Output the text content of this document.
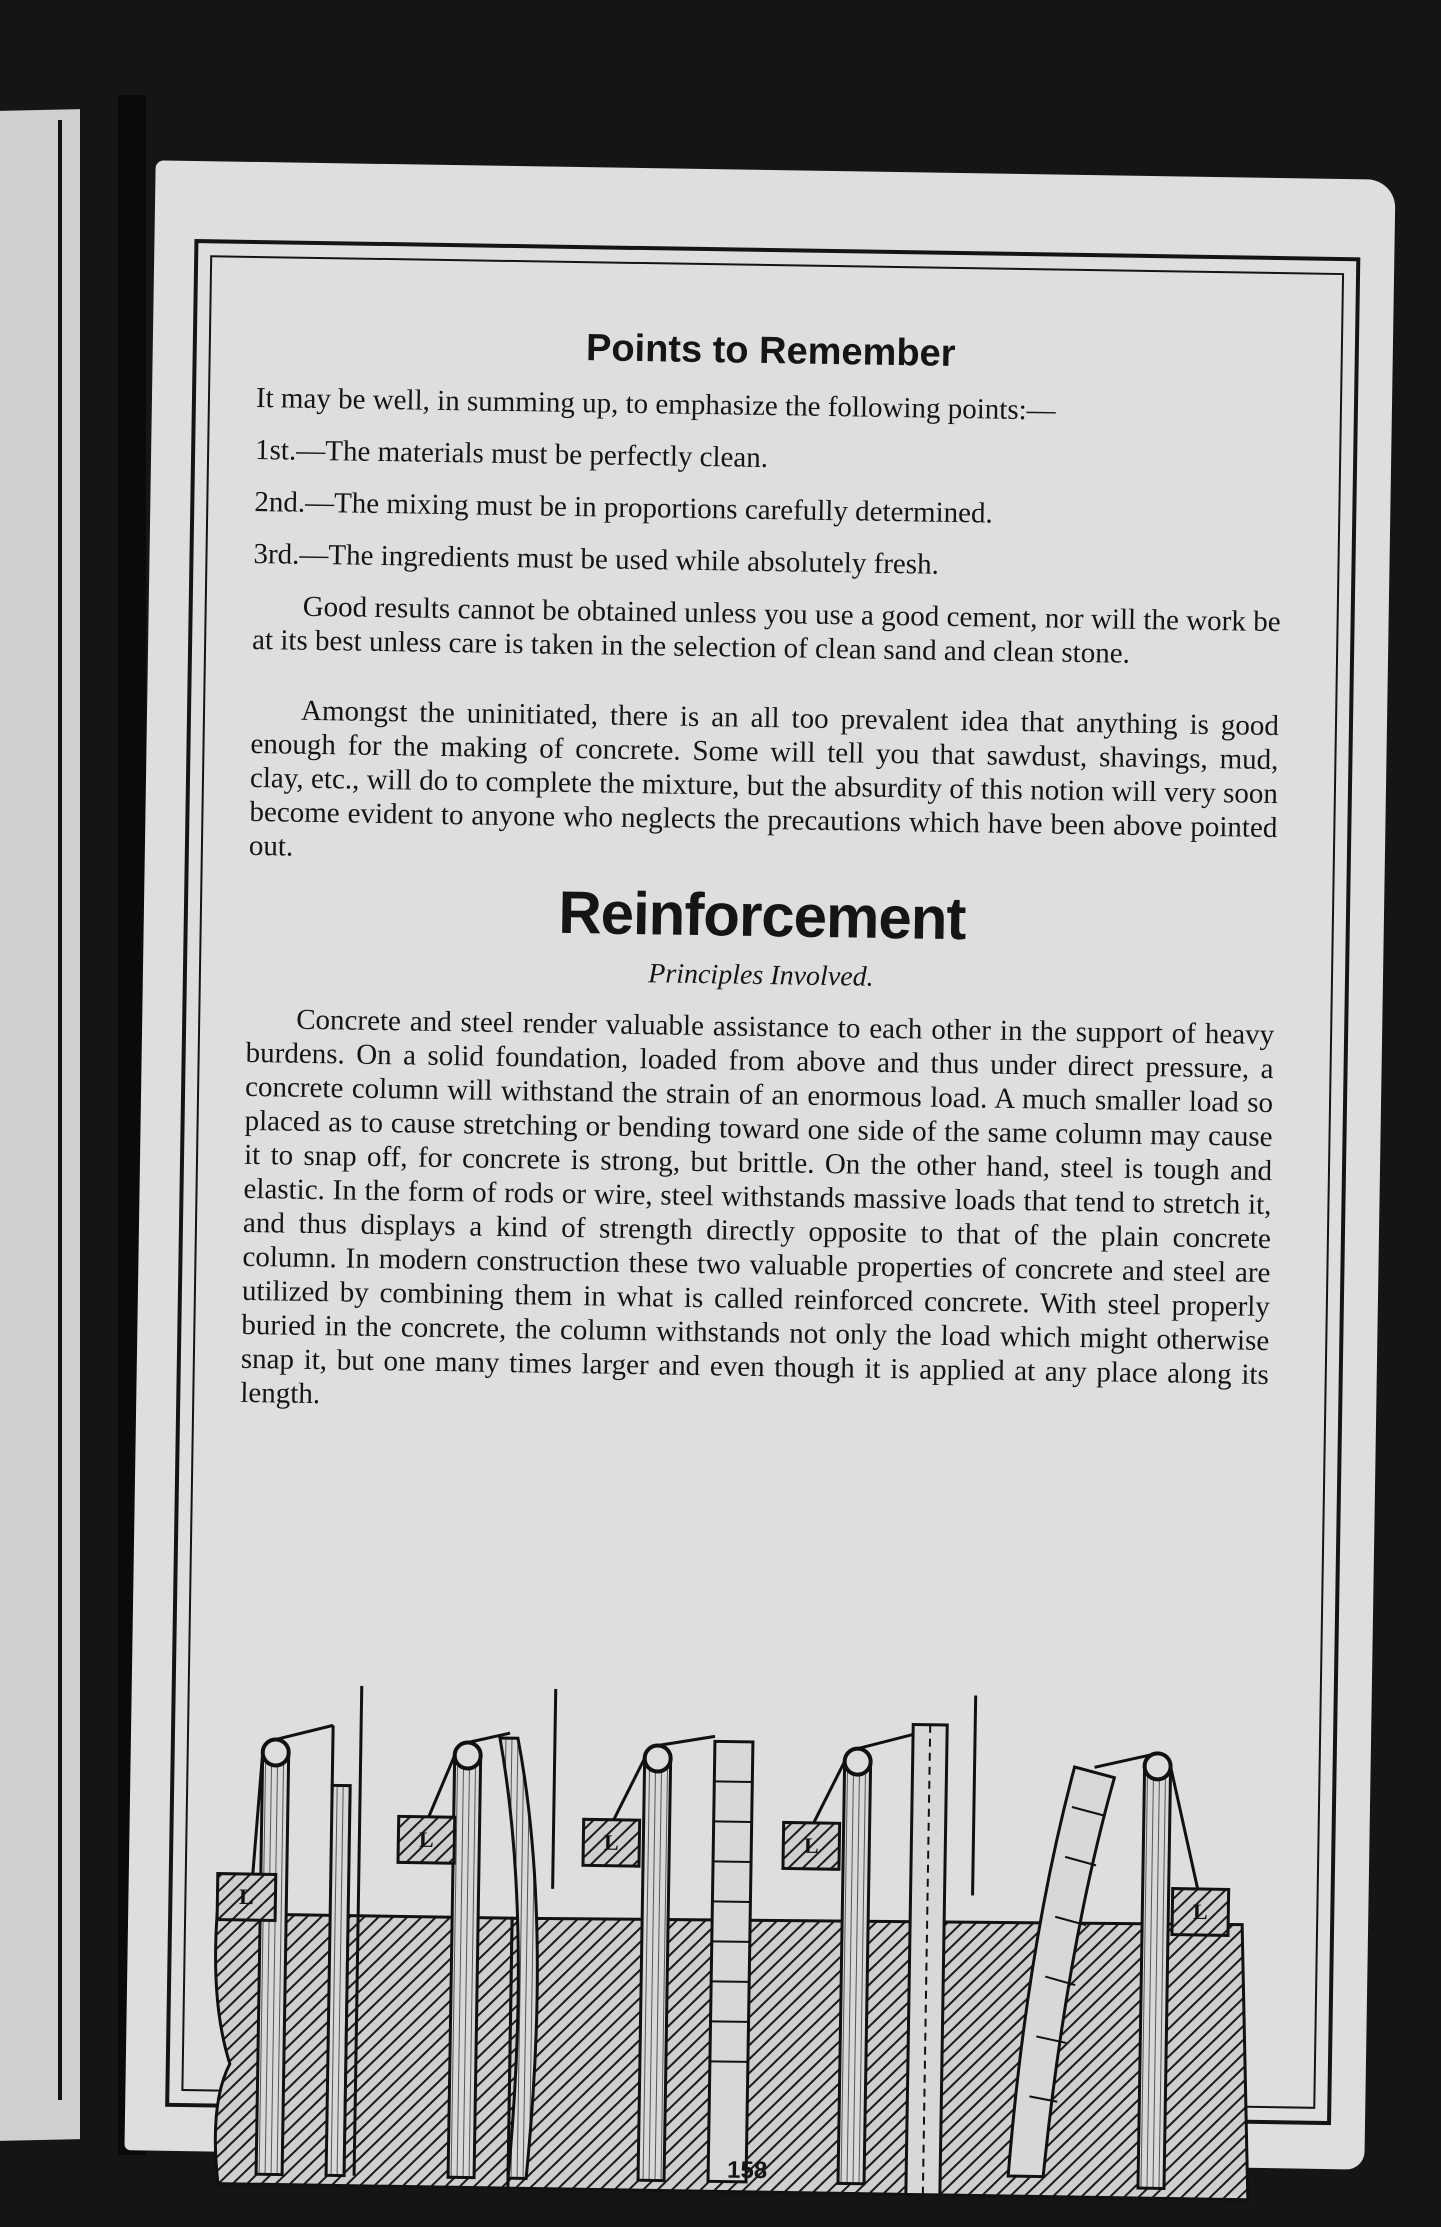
Points to Remember

It may be well, in summing up, to emphasize the following points:—

1st.—The materials must be perfectly clean.

2nd.—The mixing must be in proportions carefully determined.

3rd.—The ingredients must be used while absolutely fresh.

Good results cannot be obtained unless you use a good cement, nor will the work be at its best unless care is taken in the selection of clean sand and clean stone.

Amongst the uninitiated, there is an all too prevalent idea that anything is good enough for the making of concrete. Some will tell you that sawdust, shavings, mud, clay, etc., will do to complete the mixture, but the absurdity of this notion will very soon become evident to anyone who neglects the precautions which have been above pointed out.

Reinforcement

Principles Involved.

Concrete and steel render valuable assistance to each other in the support of heavy burdens. On a solid foundation, loaded from above and thus under direct pressure, a concrete column will withstand the strain of an enormous load. A much smaller load so placed as to cause stretching or bending toward one side of the same column may cause it to snap off, for concrete is strong, but brittle. On the other hand, steel is tough and elastic. In the form of rods or wire, steel withstands massive loads that tend to stretch it, and thus displays a kind of strength directly opposite to that of the plain concrete column. In modern construction these two valuable properties of concrete and steel are utilized by combining them in what is called reinforced concrete. With steel properly buried in the concrete, the column withstands not only the load which might otherwise snap it, but one many times larger and even though it is applied at any place along its length.

L
L	L	L
L
158
